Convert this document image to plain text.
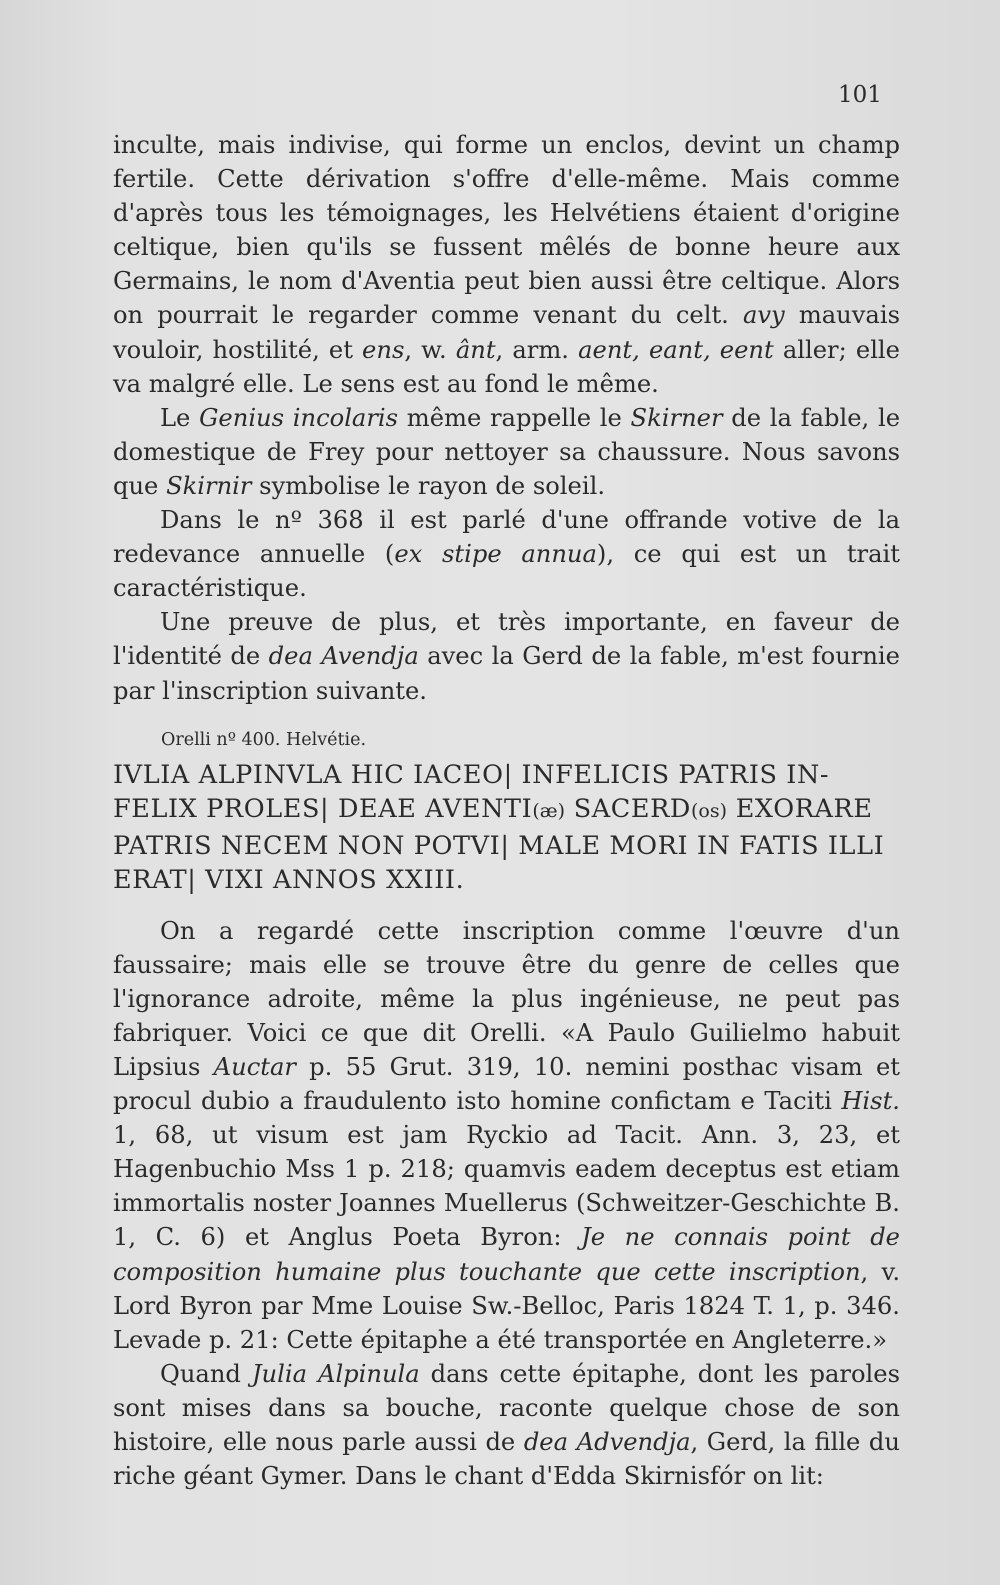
101

inculte, mais indivise, qui forme un enclos, devint un champ fertile. Cette dérivation s'offre d'elle-même. Mais comme d'après tous les témoignages, les Helvétiens étaient d'origine celtique, bien qu'ils se fussent mêlés de bonne heure aux Germains, le nom d'Aventia peut bien aussi être celtique. Alors on pourrait le regarder comme venant du celt. avy mauvais vouloir, hostilité, et ens, w. ânt, arm. aent, eant, eent aller; elle va malgré elle. Le sens est au fond le même.

Le Genius incolaris même rappelle le Skirner de la fable, le domestique de Frey pour nettoyer sa chaussure. Nous savons que Skirnir symbolise le rayon de soleil.

Dans le nº 368 il est parlé d'une offrande votive de la redevance annuelle (ex stipe annua), ce qui est un trait caractéristique.

Une preuve de plus, et très importante, en faveur de l'identité de dea Avendja avec la Gerd de la fable, m'est fournie par l'inscription suivante.

Orelli nº 400. Helvétie.
IVLIA ALPINVLA HIC IACEO| INFELICIS PATRIS IN-
FELIX PROLES| DEAE AVENTI(æ) SACERD(os) EXORARE
PATRIS NECEM NON POTVI| MALE MORI IN FATIS ILLI
ERAT| VIXI ANNOS XXIII.

On a regardé cette inscription comme l'œuvre d'un faussaire; mais elle se trouve être du genre de celles que l'ignorance adroite, même la plus ingénieuse, ne peut pas fabriquer. Voici ce que dit Orelli. «A Paulo Guilielmo habuit Lipsius Auctar p. 55 Grut. 319, 10. nemini posthac visam et procul dubio a fraudulento isto homine confictam e Taciti Hist. 1, 68, ut visum est jam Ryckio ad Tacit. Ann. 3, 23, et Hagenbuchio Mss 1 p. 218; quamvis eadem deceptus est etiam immortalis noster Joannes Muellerus (Schweitzer-Geschichte B. 1, C. 6) et Anglus Poeta Byron: Je ne connais point de composition humaine plus touchante que cette inscription, v. Lord Byron par Mme Louise Sw.-Belloc, Paris 1824 T. 1, p. 346. Levade p. 21: Cette épitaphe a été transportée en Angleterre.»

Quand Julia Alpinula dans cette épitaphe, dont les paroles sont mises dans sa bouche, raconte quelque chose de son histoire, elle nous parle aussi de dea Advendja, Gerd, la fille du riche géant Gymer. Dans le chant d'Edda Skirnisfór on lit:
